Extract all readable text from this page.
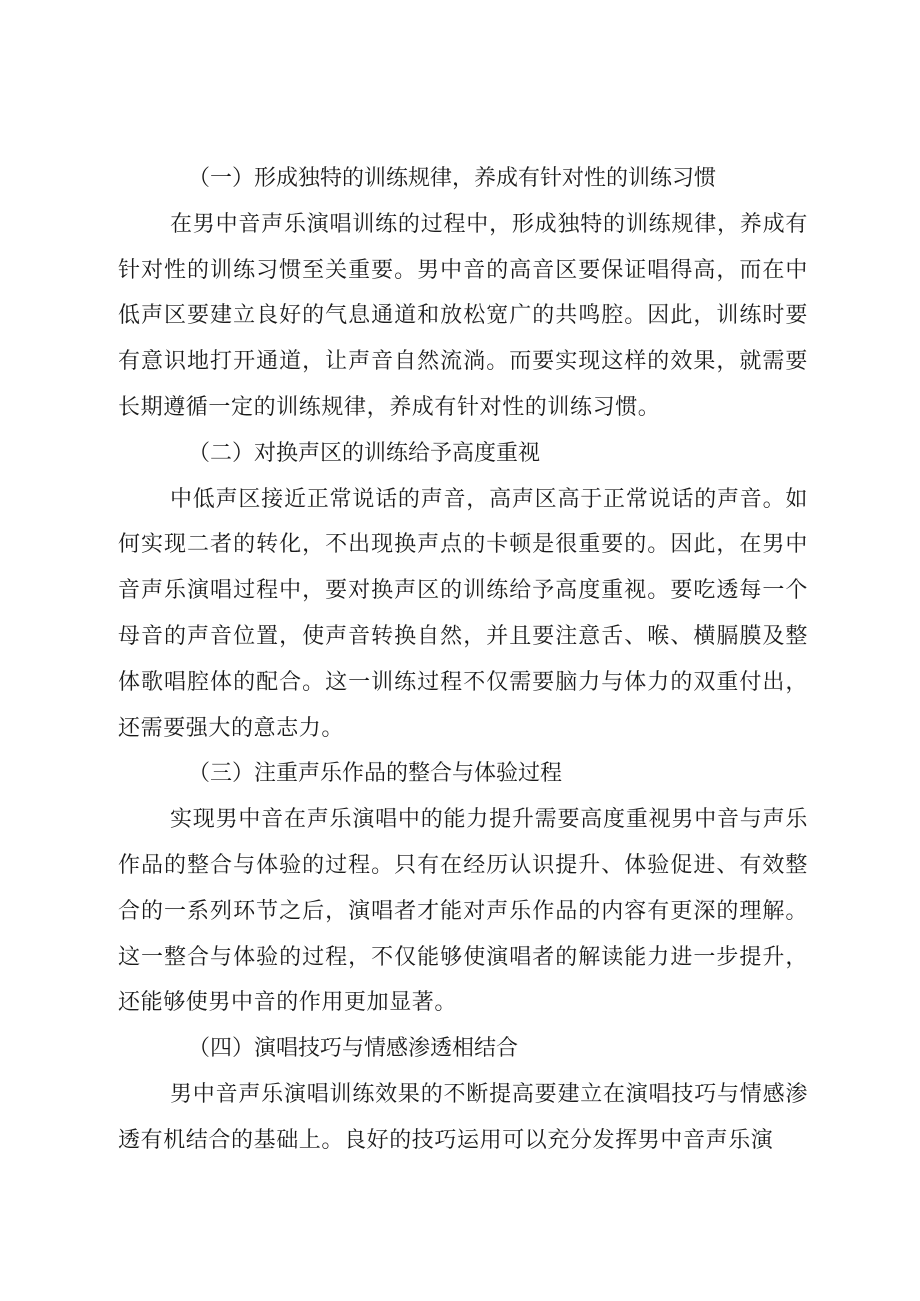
（一）形成独特的训练规律，养成有针对性的训练习惯

在男中音声乐演唱训练的过程中，形成独特的训练规律，养成有针对性的训练习惯至关重要。男中音的高音区要保证唱得高，而在中低声区要建立良好的气息通道和放松宽广的共鸣腔。因此，训练时要有意识地打开通道，让声音自然流淌。而要实现这样的效果，就需要长期遵循一定的训练规律，养成有针对性的训练习惯。

（二）对换声区的训练给予高度重视

中低声区接近正常说话的声音，高声区高于正常说话的声音。如何实现二者的转化，不出现换声点的卡顿是很重要的。因此，在男中音声乐演唱过程中，要对换声区的训练给予高度重视。要吃透每一个母音的声音位置，使声音转换自然，并且要注意舌、喉、横膈膜及整体歌唱腔体的配合。这一训练过程不仅需要脑力与体力的双重付出，还需要强大的意志力。

（三）注重声乐作品的整合与体验过程

实现男中音在声乐演唱中的能力提升需要高度重视男中音与声乐作品的整合与体验的过程。只有在经历认识提升、体验促进、有效整合的一系列环节之后，演唱者才能对声乐作品的内容有更深的理解。这一整合与体验的过程，不仅能够使演唱者的解读能力进一步提升，还能够使男中音的作用更加显著。

（四）演唱技巧与情感渗透相结合

男中音声乐演唱训练效果的不断提高要建立在演唱技巧与情感渗透有机结合的基础上。良好的技巧运用可以充分发挥男中音声乐演
